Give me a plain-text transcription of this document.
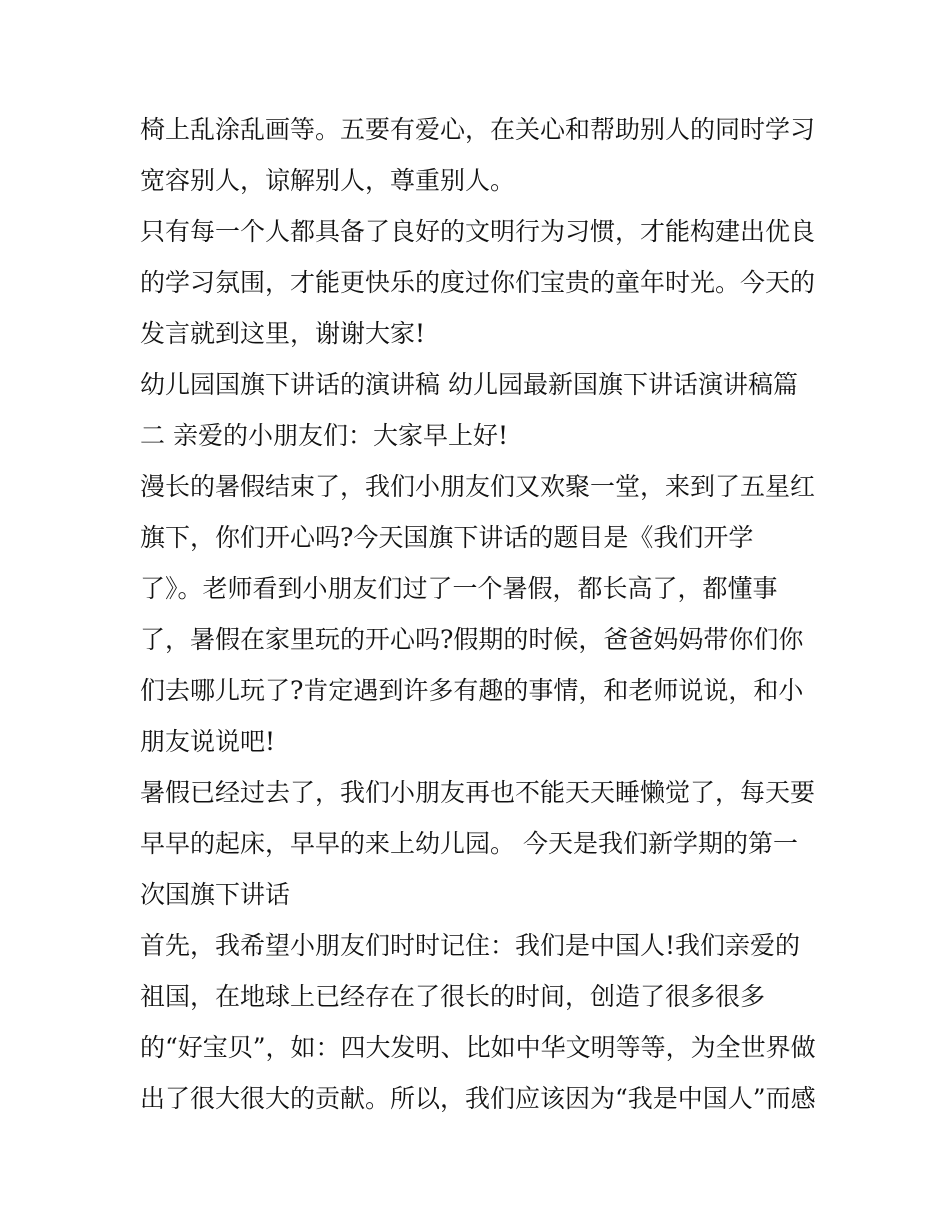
椅上乱涂乱画等。五要有爱心，在关心和帮助别人的同时学习
宽容别人，谅解别人，尊重别人。
只有每一个人都具备了良好的文明行为习惯，才能构建出优良
的学习氛围，才能更快乐的度过你们宝贵的童年时光。今天的
发言就到这里，谢谢大家!
幼儿园国旗下讲话的演讲稿 幼儿园最新国旗下讲话演讲稿篇
二 亲爱的小朋友们：大家早上好!
漫长的暑假结束了，我们小朋友们又欢聚一堂，来到了五星红
旗下，你们开心吗?今天国旗下讲话的题目是《我们开学
了》。老师看到小朋友们过了一个暑假，都长高了，都懂事
了，暑假在家里玩的开心吗?假期的时候，爸爸妈妈带你们你
们去哪儿玩了?肯定遇到许多有趣的事情，和老师说说，和小
朋友说说吧!
暑假已经过去了，我们小朋友再也不能天天睡懒觉了，每天要
早早的起床，早早的来上幼儿园。 今天是我们新学期的第一
次国旗下讲话
首先，我希望小朋友们时时记住：我们是中国人!我们亲爱的
祖国，在地球上已经存在了很长的时间，创造了很多很多
的“好宝贝”，如：四大发明、比如中华文明等等，为全世界做
出了很大很大的贡献。所以，我们应该因为“我是中国人”而感
